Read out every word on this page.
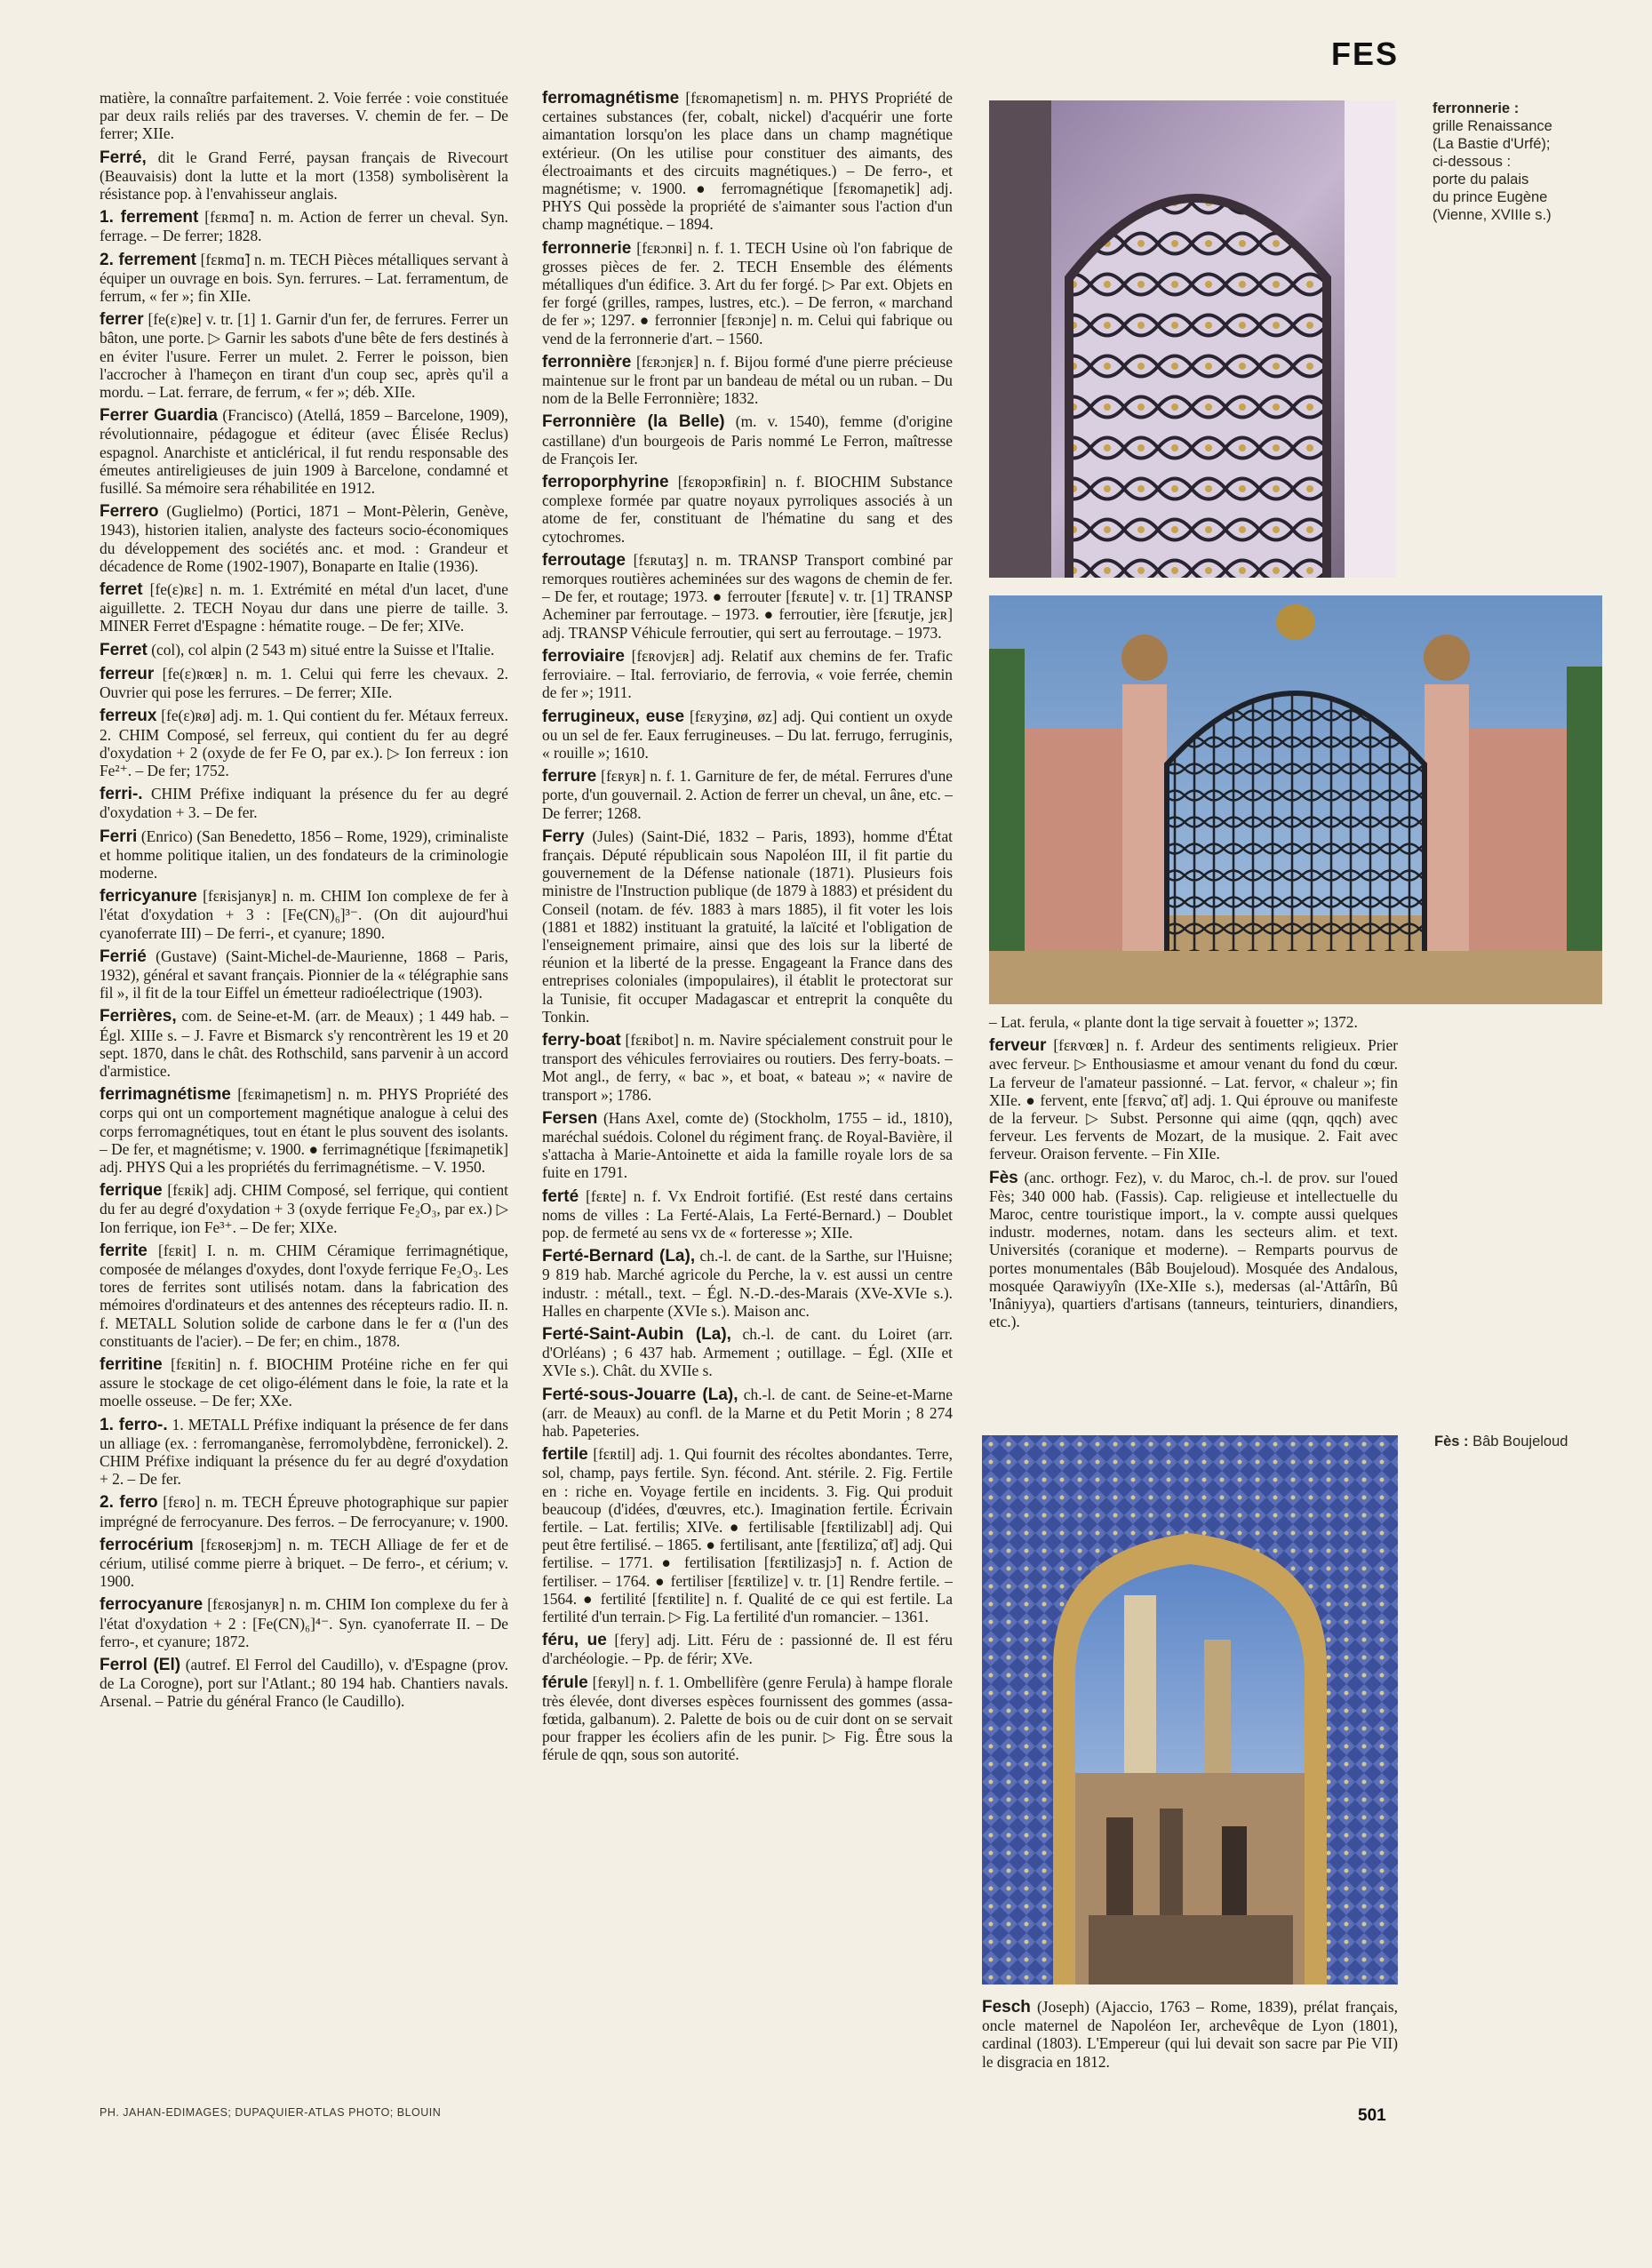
FES

matière, la connaître parfaitement. 2. Voie ferrée : voie constituée par deux rails reliés par des traverses. V. chemin de fer. – De ferrer; XIIe.

Ferré, dit le Grand Ferré, paysan français de Rivecourt (Beauvaisis) dont la lutte et la mort (1358) symbolisèrent la résistance pop. à l'envahisseur anglais.

1. ferrement [fɛʀmɑ̃] n. m. Action de ferrer un cheval. Syn. ferrage. – De ferrer; 1828.

2. ferrement [fɛʀmɑ̃] n. m. TECH Pièces métalliques servant à équiper un ouvrage en bois. Syn. ferrures. – Lat. ferramentum, de ferrum, « fer »; fin XIIe.

ferrer [fe(ɛ)ʀe] v. tr. [1] 1. Garnir d'un fer, de ferrures. Ferrer un bâton, une porte. ▷ Garnir les sabots d'une bête de fers destinés à en éviter l'usure. Ferrer un mulet. 2. Ferrer le poisson, bien l'accrocher à l'hameçon en tirant d'un coup sec, après qu'il a mordu. – Lat. ferrare, de ferrum, « fer »; déb. XIIe.

Ferrer Guardia (Francisco) (Atellá, 1859 – Barcelone, 1909), révolutionnaire, pédagogue et éditeur (avec Élisée Reclus) espagnol. Anarchiste et anticlérical, il fut rendu responsable des émeutes antireligieuses de juin 1909 à Barcelone, condamné et fusillé. Sa mémoire sera réhabilitée en 1912.

Ferrero (Guglielmo) (Portici, 1871 – Mont-Pèlerin, Genève, 1943), historien italien, analyste des facteurs socio-économiques du développement des sociétés anc. et mod. : Grandeur et décadence de Rome (1902-1907), Bonaparte en Italie (1936).

ferret [fe(ɛ)ʀɛ] n. m. 1. Extrémité en métal d'un lacet, d'une aiguillette. 2. TECH Noyau dur dans une pierre de taille. 3. MINER Ferret d'Espagne : hématite rouge. – De fer; XIVe.

Ferret (col), col alpin (2 543 m) situé entre la Suisse et l'Italie.

ferreur [fe(ɛ)ʀœʀ] n. m. 1. Celui qui ferre les chevaux. 2. Ouvrier qui pose les ferrures. – De ferrer; XIIe.

ferreux [fe(ɛ)ʀø] adj. m. 1. Qui contient du fer. Métaux ferreux. 2. CHIM Composé, sel ferreux, qui contient du fer au degré d'oxydation + 2 (oxyde de fer Fe O, par ex.). ▷ Ion ferreux : ion Fe²⁺. – De fer; 1752.

ferri-. CHIM Préfixe indiquant la présence du fer au degré d'oxydation + 3. – De fer.

Ferri (Enrico) (San Benedetto, 1856 – Rome, 1929), criminaliste et homme politique italien, un des fondateurs de la criminologie moderne.

ferricyanure [fɛʀisjanyʀ] n. m. CHIM Ion complexe de fer à l'état d'oxydation + 3 : [Fe(CN)₆]³⁻. (On dit aujourd'hui cyanoferrate III) – De ferri-, et cyanure; 1890.

Ferrié (Gustave) (Saint-Michel-de-Maurienne, 1868 – Paris, 1932), général et savant français. Pionnier de la « télégraphie sans fil », il fit de la tour Eiffel un émetteur radioélectrique (1903).

Ferrières, com. de Seine-et-M. (arr. de Meaux) ; 1 449 hab. – Égl. XIIIe s. – J. Favre et Bismarck s'y rencontrèrent les 19 et 20 sept. 1870, dans le chât. des Rothschild, sans parvenir à un accord d'armistice.

ferrimagnétisme [fɛʀimaɲetism] n. m. PHYS Propriété des corps qui ont un comportement magnétique analogue à celui des corps ferromagnétiques, tout en étant le plus souvent des isolants. – De fer, et magnétisme; v. 1900. ● ferrimagnétique [fɛʀimaɲetik] adj. PHYS Qui a les propriétés du ferrimagnétisme. – V. 1950.

ferrique [fɛʀik] adj. CHIM Composé, sel ferrique, qui contient du fer au degré d'oxydation + 3 (oxyde ferrique Fe₂O₃, par ex.) ▷ Ion ferrique, ion Fe³⁺. – De fer; XIXe.

ferrite [fɛʀit] I. n. m. CHIM Céramique ferrimagnétique, composée de mélanges d'oxydes, dont l'oxyde ferrique Fe₂O₃. Les tores de ferrites sont utilisés notam. dans la fabrication des mémoires d'ordinateurs et des antennes des récepteurs radio. II. n. f. METALL Solution solide de carbone dans le fer α (l'un des constituants de l'acier). – De fer; en chim., 1878.

ferritine [fɛʀitin] n. f. BIOCHIM Protéine riche en fer qui assure le stockage de cet oligo-élément dans le foie, la rate et la moelle osseuse. – De fer; XXe.

1. ferro-. 1. METALL Préfixe indiquant la présence de fer dans un alliage (ex. : ferromanganèse, ferromolybdène, ferronickel). 2. CHIM Préfixe indiquant la présence du fer au degré d'oxydation + 2. – De fer.

2. ferro [fɛʀo] n. m. TECH Épreuve photographique sur papier imprégné de ferrocyanure. Des ferros. – De ferrocyanure; v. 1900.

ferrocérium [fɛʀoseʀjɔm] n. m. TECH Alliage de fer et de cérium, utilisé comme pierre à briquet. – De ferro-, et cérium; v. 1900.

ferrocyanure [fɛʀosjanyʀ] n. m. CHIM Ion complexe du fer à l'état d'oxydation + 2 : [Fe(CN)₆]⁴⁻. Syn. cyanoferrate II. – De ferro-, et cyanure; 1872.

Ferrol (El) (autref. El Ferrol del Caudillo), v. d'Espagne (prov. de La Corogne), port sur l'Atlant.; 80 194 hab. Chantiers navals. Arsenal. – Patrie du général Franco (le Caudillo).

ferromagnétisme [fɛʀomaɲetism] n. m. PHYS Propriété de certaines substances (fer, cobalt, nickel) d'acquérir une forte aimantation lorsqu'on les place dans un champ magnétique extérieur. (On les utilise pour constituer des aimants, des électroaimants et des circuits magnétiques.) – De ferro-, et magnétisme; v. 1900. ● ferromagnétique [fɛʀomaɲetik] adj. PHYS Qui possède la propriété de s'aimanter sous l'action d'un champ magnétique. – 1894.

ferronnerie [fɛʀɔnʀi] n. f. 1. TECH Usine où l'on fabrique de grosses pièces de fer. 2. TECH Ensemble des éléments métalliques d'un édifice. 3. Art du fer forgé. ▷ Par ext. Objets en fer forgé (grilles, rampes, lustres, etc.). – De ferron, « marchand de fer »; 1297. ● ferronnier [fɛʀɔnje] n. m. Celui qui fabrique ou vend de la ferronnerie d'art. – 1560.

ferronnière [fɛʀɔnjɛʀ] n. f. Bijou formé d'une pierre précieuse maintenue sur le front par un bandeau de métal ou un ruban. – Du nom de la Belle Ferronnière; 1832.

Ferronnière (la Belle) (m. v. 1540), femme (d'origine castillane) d'un bourgeois de Paris nommé Le Ferron, maîtresse de François Ier.

ferroporphyrine [fɛʀopɔʀfiʀin] n. f. BIOCHIM Substance complexe formée par quatre noyaux pyrroliques associés à un atome de fer, constituant de l'hématine du sang et des cytochromes.

ferroutage [fɛʀutaʒ] n. m. TRANSP Transport combiné par remorques routières acheminées sur des wagons de chemin de fer. – De fer, et routage; 1973. ● ferrouter [fɛʀute] v. tr. [1] TRANSP Acheminer par ferroutage. – 1973. ● ferroutier, ière [fɛʀutje, jɛʀ] adj. TRANSP Véhicule ferroutier, qui sert au ferroutage. – 1973.

ferroviaire [fɛʀovjɛʀ] adj. Relatif aux chemins de fer. Trafic ferroviaire. – Ital. ferroviario, de ferrovia, « voie ferrée, chemin de fer »; 1911.

ferrugineux, euse [fɛʀyʒinø, øz] adj. Qui contient un oxyde ou un sel de fer. Eaux ferrugineuses. – Du lat. ferrugo, ferruginis, « rouille »; 1610.

ferrure [fɛʀyʀ] n. f. 1. Garniture de fer, de métal. Ferrures d'une porte, d'un gouvernail. 2. Action de ferrer un cheval, un âne, etc. – De ferrer; 1268.

Ferry (Jules) (Saint-Dié, 1832 – Paris, 1893), homme d'État français. Député républicain sous Napoléon III, il fit partie du gouvernement de la Défense nationale (1871). Plusieurs fois ministre de l'Instruction publique (de 1879 à 1883) et président du Conseil (notam. de fév. 1883 à mars 1885), il fit voter les lois (1881 et 1882) instituant la gratuité, la laïcité et l'obligation de l'enseignement primaire, ainsi que des lois sur la liberté de réunion et la liberté de la presse. Engageant la France dans des entreprises coloniales (impopulaires), il établit le protectorat sur la Tunisie, fit occuper Madagascar et entreprit la conquête du Tonkin.

ferry-boat [fɛʀibot] n. m. Navire spécialement construit pour le transport des véhicules ferroviaires ou routiers. Des ferry-boats. – Mot angl., de ferry, « bac », et boat, « bateau »; « navire de transport »; 1786.

Fersen (Hans Axel, comte de) (Stockholm, 1755 – id., 1810), maréchal suédois. Colonel du régiment franç. de Royal-Bavière, il s'attacha à Marie-Antoinette et aida la famille royale lors de sa fuite en 1791.

ferté [fɛʀte] n. f. Vx Endroit fortifié. (Est resté dans certains noms de villes : La Ferté-Alais, La Ferté-Bernard.) – Doublet pop. de fermeté au sens vx de « forteresse »; XIIe.

Ferté-Bernard (La), ch.-l. de cant. de la Sarthe, sur l'Huisne; 9 819 hab. Marché agricole du Perche, la v. est aussi un centre industr. : métall., text. – Égl. N.-D.-des-Marais (XVe-XVIe s.). Halles en charpente (XVIe s.). Maison anc.

Ferté-Saint-Aubin (La), ch.-l. de cant. du Loiret (arr. d'Orléans) ; 6 437 hab. Armement ; outillage. – Égl. (XIIe et XVIe s.). Chât. du XVIIe s.

Ferté-sous-Jouarre (La), ch.-l. de cant. de Seine-et-Marne (arr. de Meaux) au confl. de la Marne et du Petit Morin ; 8 274 hab. Papeteries.

fertile [fɛʀtil] adj. 1. Qui fournit des récoltes abondantes. Terre, sol, champ, pays fertile. Syn. fécond. Ant. stérile. 2. Fig. Fertile en : riche en. Voyage fertile en incidents. 3. Fig. Qui produit beaucoup (d'idées, d'œuvres, etc.). Imagination fertile. Écrivain fertile. – Lat. fertilis; XIVe. ● fertilisable [fɛʀtilizabl] adj. Qui peut être fertilisé. – 1865. ● fertilisant, ante [fɛʀtilizɑ̃, ɑ̃t] adj. Qui fertilise. – 1771. ● fertilisation [fɛʀtilizasjɔ̃] n. f. Action de fertiliser. – 1764. ● fertiliser [fɛʀtilize] v. tr. [1] Rendre fertile. – 1564. ● fertilité [fɛʀtilite] n. f. Qualité de ce qui est fertile. La fertilité d'un terrain. ▷ Fig. La fertilité d'un romancier. – 1361.

féru, ue [fery] adj. Litt. Féru de : passionné de. Il est féru d'archéologie. – Pp. de férir; XVe.

férule [feʀyl] n. f. 1. Ombellifère (genre Ferula) à hampe florale très élevée, dont diverses espèces fournissent des gommes (assa-fœtida, galbanum). 2. Palette de bois ou de cuir dont on se servait pour frapper les écoliers afin de les punir. ▷ Fig. Être sous la férule de qqn, sous son autorité.

ferronnerie :
grille Renaissance
(La Bastie d'Urfé);
ci-dessous :
porte du palais
du prince Eugène
(Vienne, XVIIIe s.)

– Lat. ferula, « plante dont la tige servait à fouetter »; 1372.

ferveur [fɛʀvœʀ] n. f. Ardeur des sentiments religieux. Prier avec ferveur. ▷ Enthousiasme et amour venant du fond du cœur. La ferveur de l'amateur passionné. – Lat. fervor, « chaleur »; fin XIIe. ● fervent, ente [fɛʀvɑ̃, ɑ̃t] adj. 1. Qui éprouve ou manifeste de la ferveur. ▷ Subst. Personne qui aime (qqn, qqch) avec ferveur. Les fervents de Mozart, de la musique. 2. Fait avec ferveur. Oraison fervente. – Fin XIIe.

Fès (anc. orthogr. Fez), v. du Maroc, ch.-l. de prov. sur l'oued Fès; 340 000 hab. (Fassis). Cap. religieuse et intellectuelle du Maroc, centre touristique import., la v. compte aussi quelques industr. modernes, notam. dans les secteurs alim. et text. Universités (coranique et moderne). – Remparts pourvus de portes monumentales (Bâb Boujeloud). Mosquée des Andalous, mosquée Qarawiyyîn (IXe-XIIe s.), medersas (al-'Attârîn, Bû 'Inâniyya), quartiers d'artisans (tanneurs, teinturiers, dinandiers, etc.).

Fès : Bâb Boujeloud

Fesch (Joseph) (Ajaccio, 1763 – Rome, 1839), prélat français, oncle maternel de Napoléon Ier, archevêque de Lyon (1801), cardinal (1803). L'Empereur (qui lui devait son sacre par Pie VII) le disgracia en 1812.

PH. JAHAN-EDIMAGES; DUPAQUIER-ATLAS PHOTO; BLOUIN	501
